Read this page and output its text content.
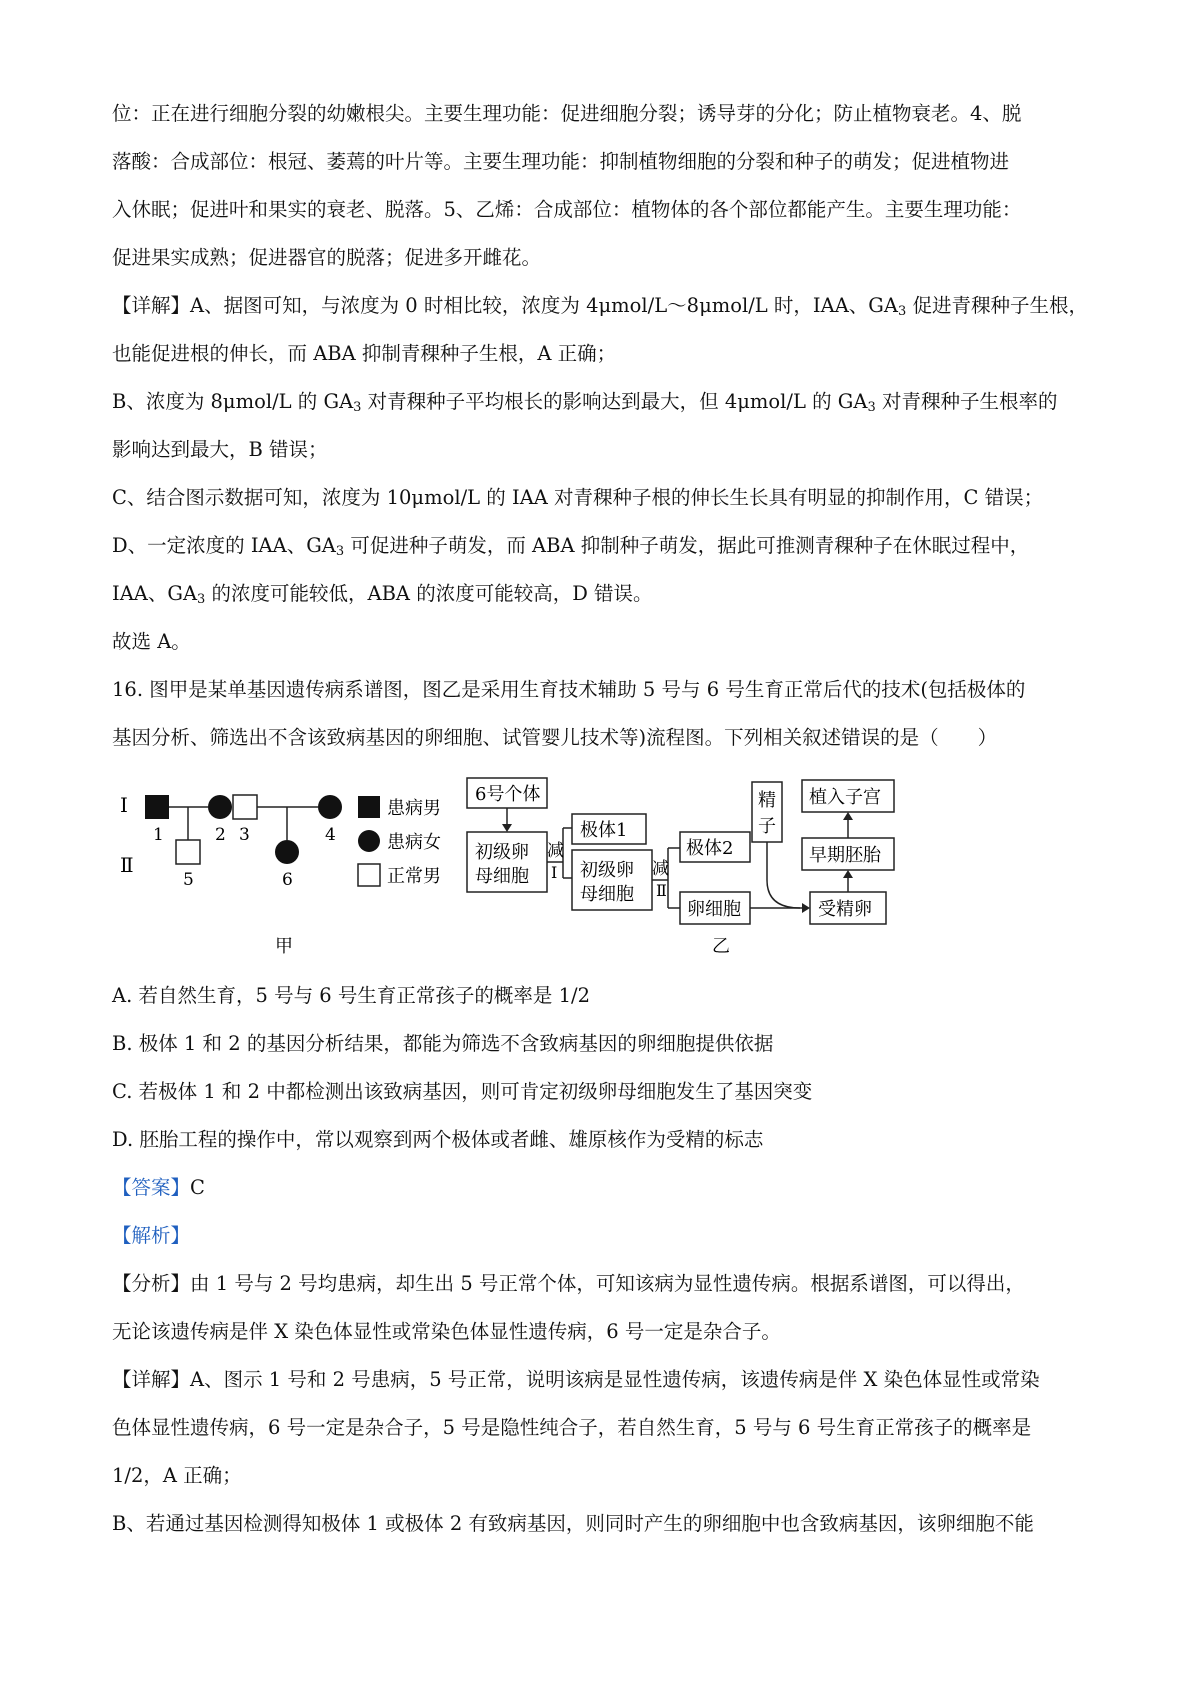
位：正在进行细胞分裂的幼嫩根尖。主要生理功能：促进细胞分裂；诱导芽的分化；防止植物衰老。4、脱
落酸：合成部位：根冠、萎蔫的叶片等。主要生理功能：抑制植物细胞的分裂和种子的萌发；促进植物进
入休眠；促进叶和果实的衰老、脱落。5、乙烯：合成部位：植物体的各个部位都能产生。主要生理功能：
促进果实成熟；促进器官的脱落；促进多开雌花。
【详解】A、据图可知，与浓度为 0 时相比较，浓度为 4μmol/L～8μmol/L 时，IAA、$GA_3$ 促进青稞种子生根，
也能促进根的伸长，而 ABA 抑制青稞种子生根，A 正确；
B、浓度为 8μmol/L 的 $GA_3$ 对青稞种子平均根长的影响达到最大，但 4μmol/L 的 $GA_3$ 对青稞种子生根率的
影响达到最大，B 错误；
C、结合图示数据可知，浓度为 10μmol/L 的 IAA 对青稞种子根的伸长生长具有明显的抑制作用，C 错误；
D、一定浓度的 IAA、$GA_3$ 可促进种子萌发，而 ABA 抑制种子萌发，据此可推测青稞种子在休眠过程中，
IAA、$GA_3$ 的浓度可能较低，ABA 的浓度可能较高，D 错误。
故选 A。
16. 图甲是某单基因遗传病系谱图，图乙是采用生育技术辅助 5 号与 6 号生育正常后代的技术(包括极体的
基因分析、筛选出不含该致病基因的卵细胞、试管婴儿技术等)流程图。下列相关叙述错误的是（　　）
Ⅰ
Ⅱ
1	2 3	4
5	6
患病男
患病女
正常男
甲
6号个体
初级卵
母细胞
减
Ⅰ
极体1
初级卵
母细胞
减
Ⅱ
极体2
卵细胞
精
子
受精卵
早期胚胎
植入子宫
乙
A. 若自然生育，5 号与 6 号生育正常孩子的概率是 1/2
B. 极体 1 和 2 的基因分析结果，都能为筛选不含致病基因的卵细胞提供依据
C. 若极体 1 和 2 中都检测出该致病基因，则可肯定初级卵母细胞发生了基因突变
D. 胚胎工程的操作中，常以观察到两个极体或者雌、雄原核作为受精的标志
【答案】C
【解析】
【分析】由 1 号与 2 号均患病，却生出 5 号正常个体，可知该病为显性遗传病。根据系谱图，可以得出，
无论该遗传病是伴 X 染色体显性或常染色体显性遗传病，6 号一定是杂合子。
【详解】A、图示 1 号和 2 号患病，5 号正常，说明该病是显性遗传病，该遗传病是伴 X 染色体显性或常染
色体显性遗传病，6 号一定是杂合子，5 号是隐性纯合子，若自然生育，5 号与 6 号生育正常孩子的概率是
1/2，A 正确；
B、若通过基因检测得知极体 1 或极体 2 有致病基因，则同时产生的卵细胞中也含致病基因，该卵细胞不能
